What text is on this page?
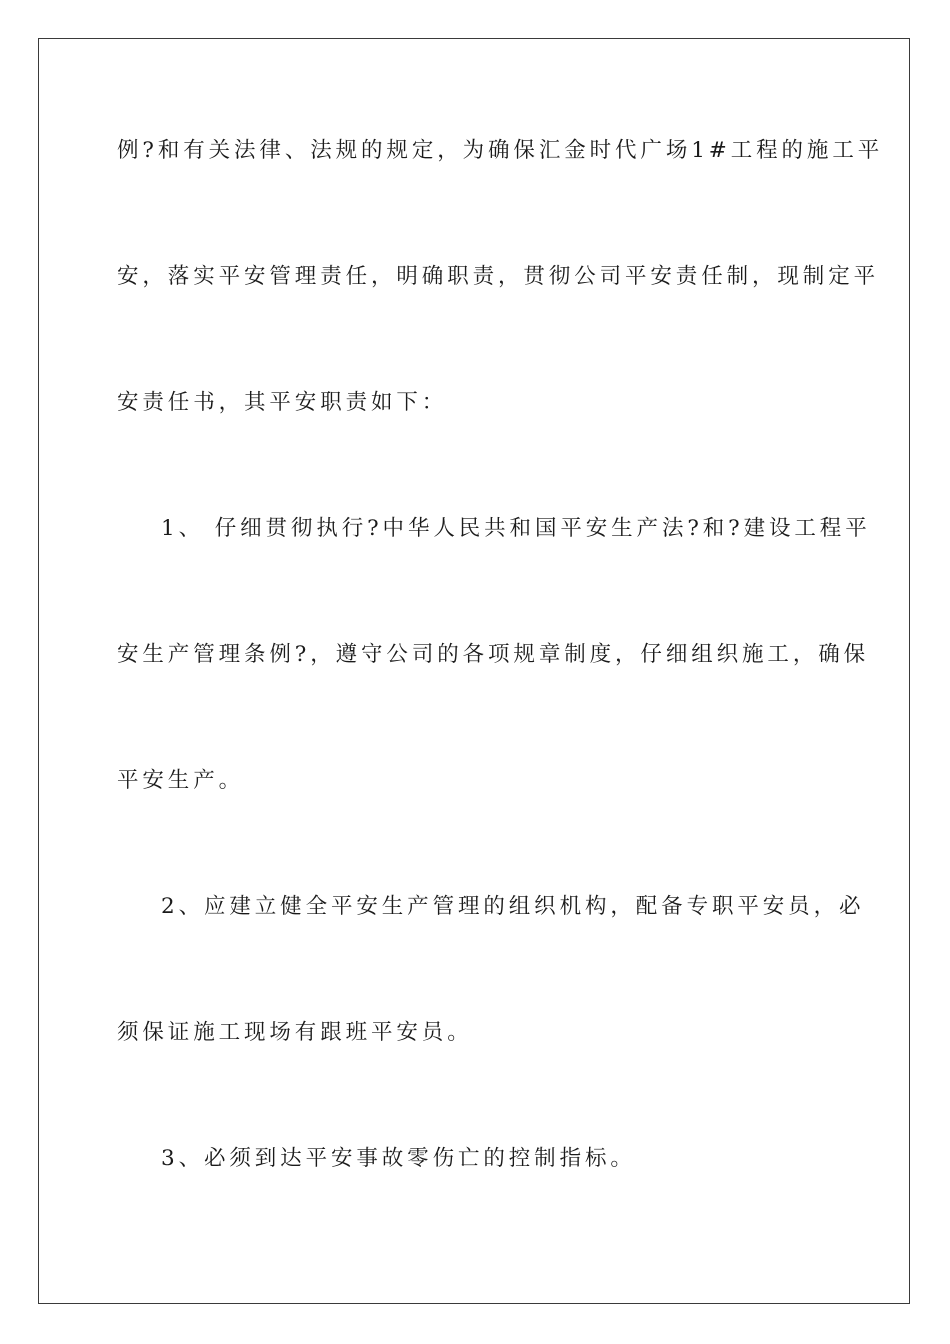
例?和有关法律、法规的规定，为确保汇金时代广场1#工程的施工平
安，落实平安管理责任，明确职责，贯彻公司平安责任制，现制定平
安责任书，其平安职责如下：
1、 仔细贯彻执行?中华人民共和国平安生产法?和?建设工程平
安生产管理条例?，遵守公司的各项规章制度，仔细组织施工，确保
平安生产。
2、应建立健全平安生产管理的组织机构，配备专职平安员，必
须保证施工现场有跟班平安员。
3、必须到达平安事故零伤亡的控制指标。
